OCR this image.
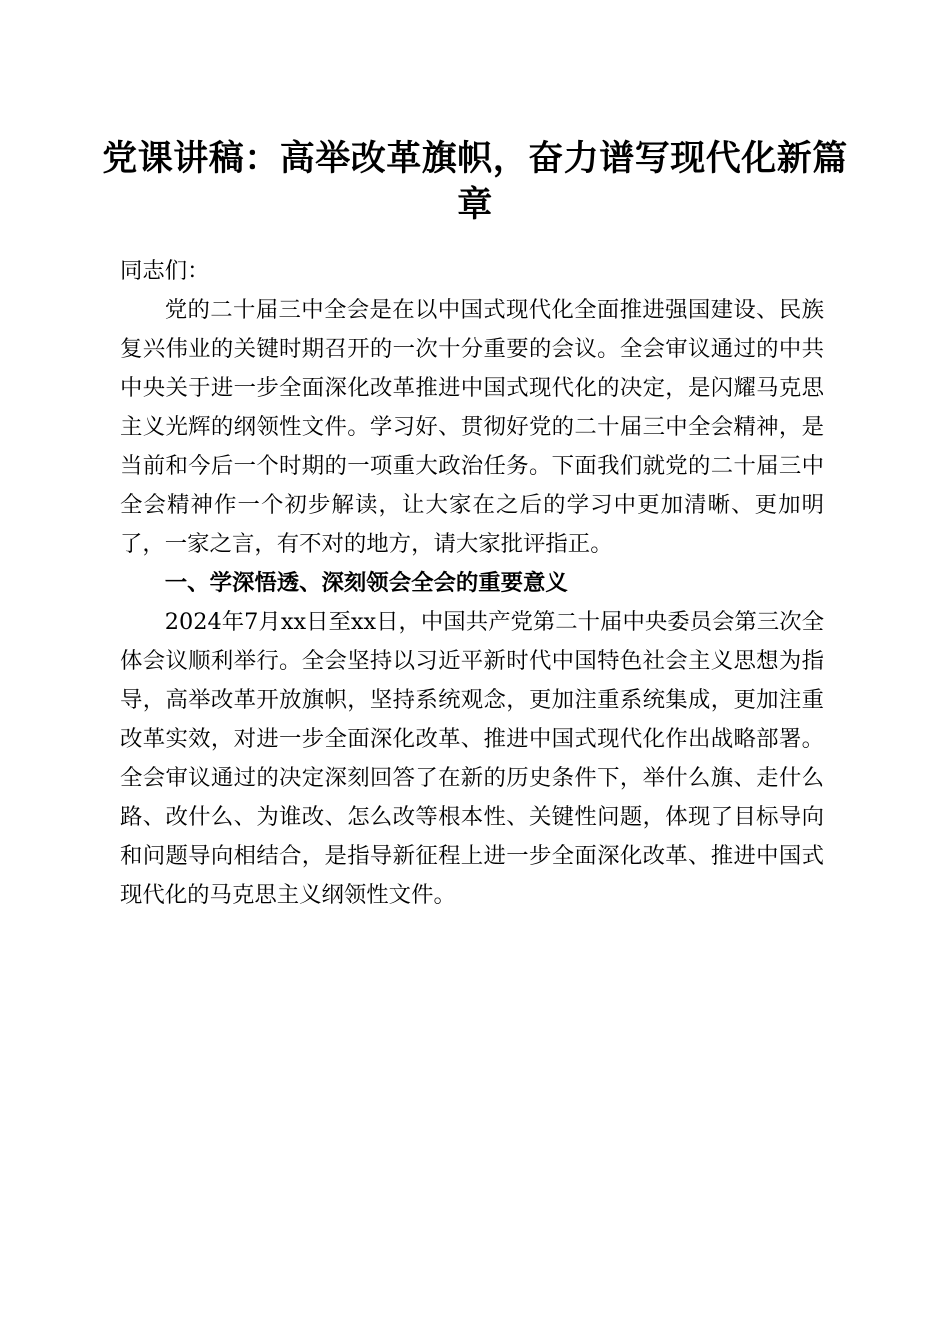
党课讲稿：高举改革旗帜，奋力谱写现代化新篇章

同志们：

党的二十届三中全会是在以中国式现代化全面推进强国建设、民族复兴伟业的关键时期召开的一次十分重要的会议。全会审议通过的中共中央关于进一步全面深化改革推进中国式现代化的决定，是闪耀马克思主义光辉的纲领性文件。学习好、贯彻好党的二十届三中全会精神，是当前和今后一个时期的一项重大政治任务。下面我们就党的二十届三中全会精神作一个初步解读，让大家在之后的学习中更加清晰、更加明了，一家之言，有不对的地方，请大家批评指正。

一、学深悟透、深刻领会全会的重要意义

2024年7月xx日至xx日，中国共产党第二十届中央委员会第三次全体会议顺利举行。全会坚持以习近平新时代中国特色社会主义思想为指导，高举改革开放旗帜，坚持系统观念，更加注重系统集成，更加注重改革实效，对进一步全面深化改革、推进中国式现代化作出战略部署。全会审议通过的决定深刻回答了在新的历史条件下，举什么旗、走什么路、改什么、为谁改、怎么改等根本性、关键性问题，体现了目标导向和问题导向相结合，是指导新征程上进一步全面深化改革、推进中国式现代化的马克思主义纲领性文件。
